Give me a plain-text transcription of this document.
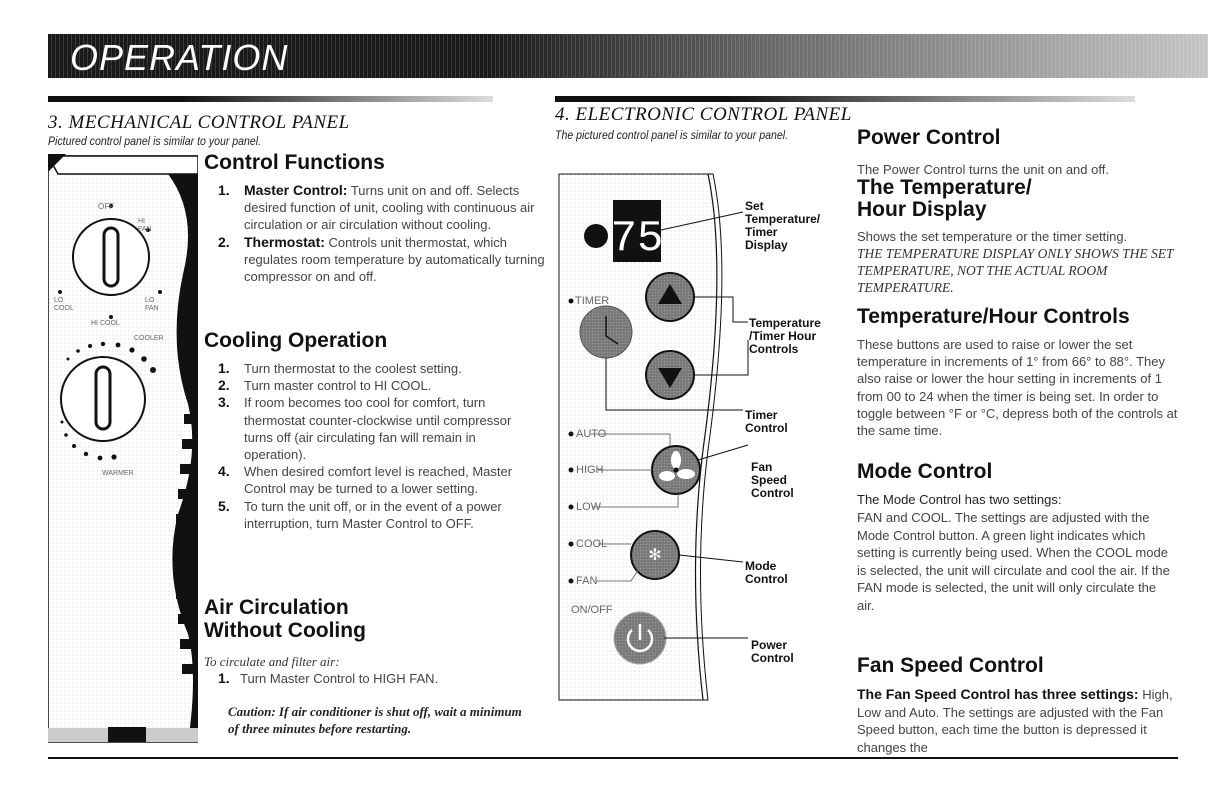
OPERATION
3. MECHANICAL CONTROL PANEL
Pictured control panel is similar to your panel.
OFF
HI FAN
LO COOL
LO FAN
HI COOL
COOLER
WARMER
Control Functions
1. Master Control: Turns unit on and off. Selects desired function of unit, cooling with continuous air circulation or air circulation without cooling.
2. Thermostat: Controls unit thermostat, which regulates room temperature by automatically turning compressor on and off.
Cooling Operation
1. Turn thermostat to the coolest setting.
2. Turn master control to HI COOL.
3. If room becomes too cool for comfort, turn thermostat counter-clockwise until compressor turns off (air circulating fan will remain in operation).
4. When desired comfort level is reached, Master Control may be turned to a lower setting.
5. To turn the unit off, or in the event of a power interruption, turn Master Control to OFF.
Air Circulation
Without Cooling
To circulate and filter air:
1. Turn Master Control to HIGH FAN.
Caution: If air conditioner is shut off, wait a minimum of three minutes before restarting.
4. ELECTRONIC CONTROL PANEL
The pictured control panel is similar to your panel.
75
✻
TIMER
AUTO
HIGH
LOW
COOL
FAN
ON/OFF
Set
Temperature/
Timer
Display
Temperature
/Timer Hour
Controls
Timer
Control
Fan
Speed
Control
Mode
Control
Power
Control
Power Control
The Power Control turns the unit on and off.
The Temperature/
Hour Display
Shows the set temperature or the timer setting.
THE TEMPERATURE DISPLAY ONLY SHOWS THE SET TEMPERATURE, NOT THE ACTUAL ROOM TEMPERATURE.
Temperature/Hour Controls
These buttons are used to raise or lower the set temperature in increments of 1° from 66° to 88°. They also raise or lower the hour setting in increments of 1 from 00 to 24 when the timer is being set. In order to toggle between °F or °C, depress both of the controls at the same time.
Mode Control
The Mode Control has two settings:
FAN and COOL. The settings are adjusted with the Mode Control button. A green light indicates which setting is currently being used. When the COOL mode is selected, the unit will circulate and cool the air. If the FAN mode is selected, the unit will only circulate the air.
Fan Speed Control
The Fan Speed Control has three settings: High, Low and Auto. The settings are adjusted with the Fan Speed button, each time the button is depressed it changes the
